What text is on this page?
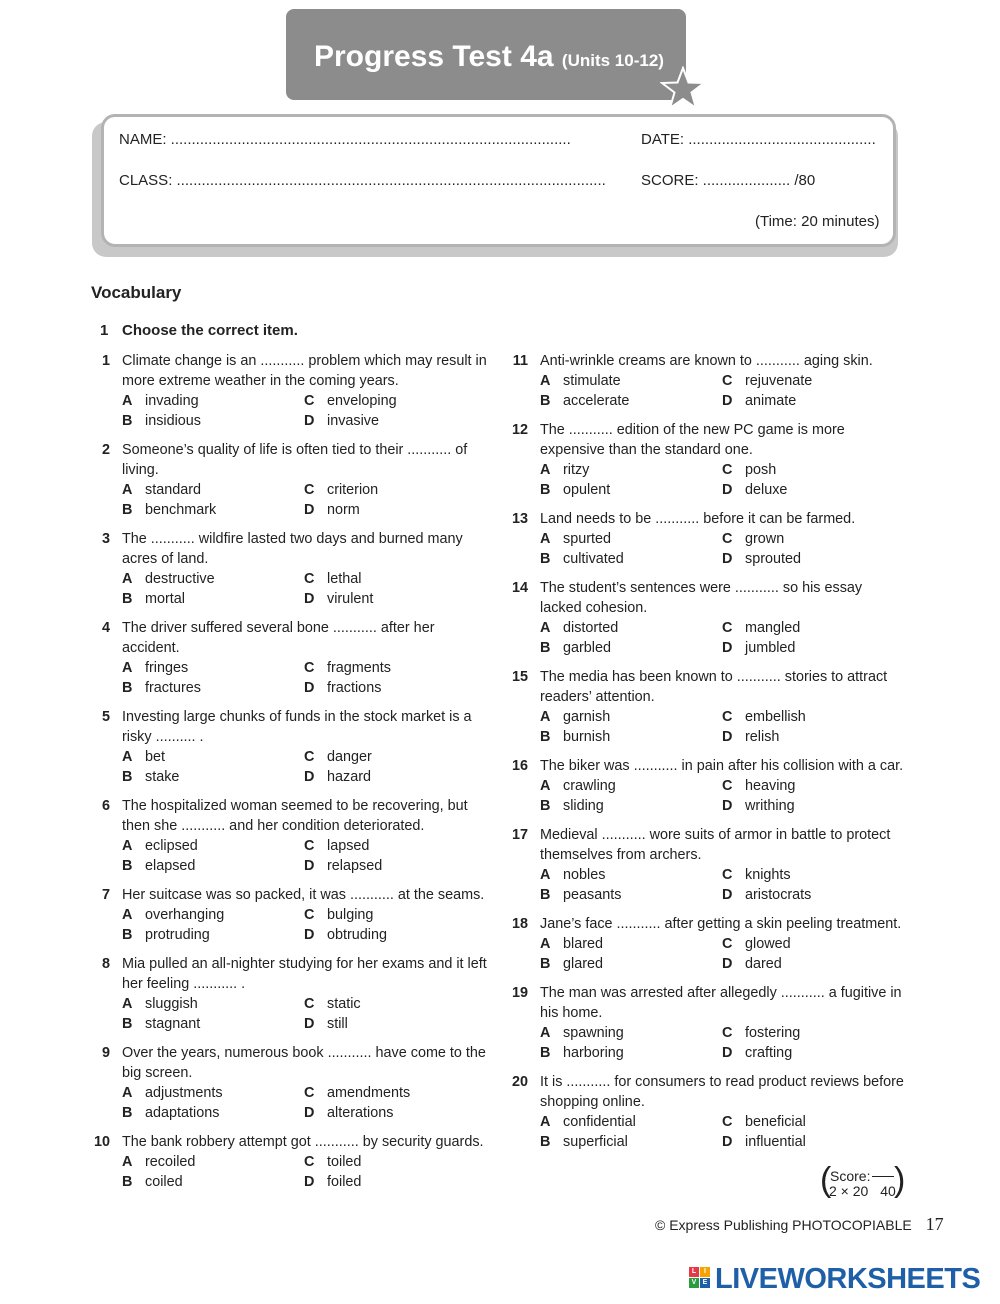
Progress Test 4a (Units 10-12)
NAME: ................................................................................................	DATE: .............................................
CLASS: ....................................................................................................... SCORE: ..................... /80
(Time: 20 minutes)
Vocabulary
1 Choose the correct item.
1 Climate change is an ........... problem which may result in more extreme weather in the coming years.
A invading	C enveloping
B insidious	D invasive
2 Someone’s quality of life is often tied to their ........... of living.
A standard	C criterion
B benchmark	D norm
3 The ........... wildfire lasted two days and burned many acres of land.
A destructive	C lethal
B mortal	D virulent
4 The driver suffered several bone ........... after her accident.
A fringes	C fragments
B fractures	D fractions
5 Investing large chunks of funds in the stock market is a risky .......... .
A bet	C danger
B stake	D hazard
6 The hospitalized woman seemed to be recovering, but then she ........... and her condition deteriorated.
A eclipsed	C lapsed
B elapsed	D relapsed
7 Her suitcase was so packed, it was ........... at the seams.
A overhanging	C bulging
B protruding	D obtruding
8 Mia pulled an all-nighter studying for her exams and it left her feeling ........... .
A sluggish	C static
B stagnant	D still
9 Over the years, numerous book ........... have come to the big screen.
A adjustments	C amendments
B adaptations	D alterations
10 The bank robbery attempt got ........... by security guards.
A recoiled	C toiled
B coiled	D foiled
11 Anti-wrinkle creams are known to ........... aging skin.
A stimulate	C rejuvenate
B accelerate	D animate
12 The ........... edition of the new PC game is more expensive than the standard one.
A ritzy	C posh
B opulent	D deluxe
13 Land needs to be ........... before it can be farmed.
A spurted	C grown
B cultivated	D sprouted
14 The student’s sentences were ........... so his essay lacked cohesion.
A distorted	C mangled
B garbled	D jumbled
15 The media has been known to ........... stories to attract readers’ attention.
A garnish	C embellish
B burnish	D relish
16 The biker was ........... in pain after his collision with a car.
A crawling	C heaving
B sliding	D writhing
17 Medieval ........... wore suits of armor in battle to protect themselves from archers.
A nobles	C knights
B peasants	D aristocrats
18 Jane’s face ........... after getting a skin peeling treatment.
A blared	C glowed
B glared	D dared
19 The man was arrested after allegedly ........... a fugitive in his home.
A spawning	C fostering
B harboring	D crafting
20 It is ........... for consumers to read product reviews before shopping online.
A confidential	C beneficial
B superficial	D influential
(
Score:
2 × 20 40
)
© Express Publishing PHOTOCOPIABLE 17
L	I
V E LIVEWORKSHEETS
